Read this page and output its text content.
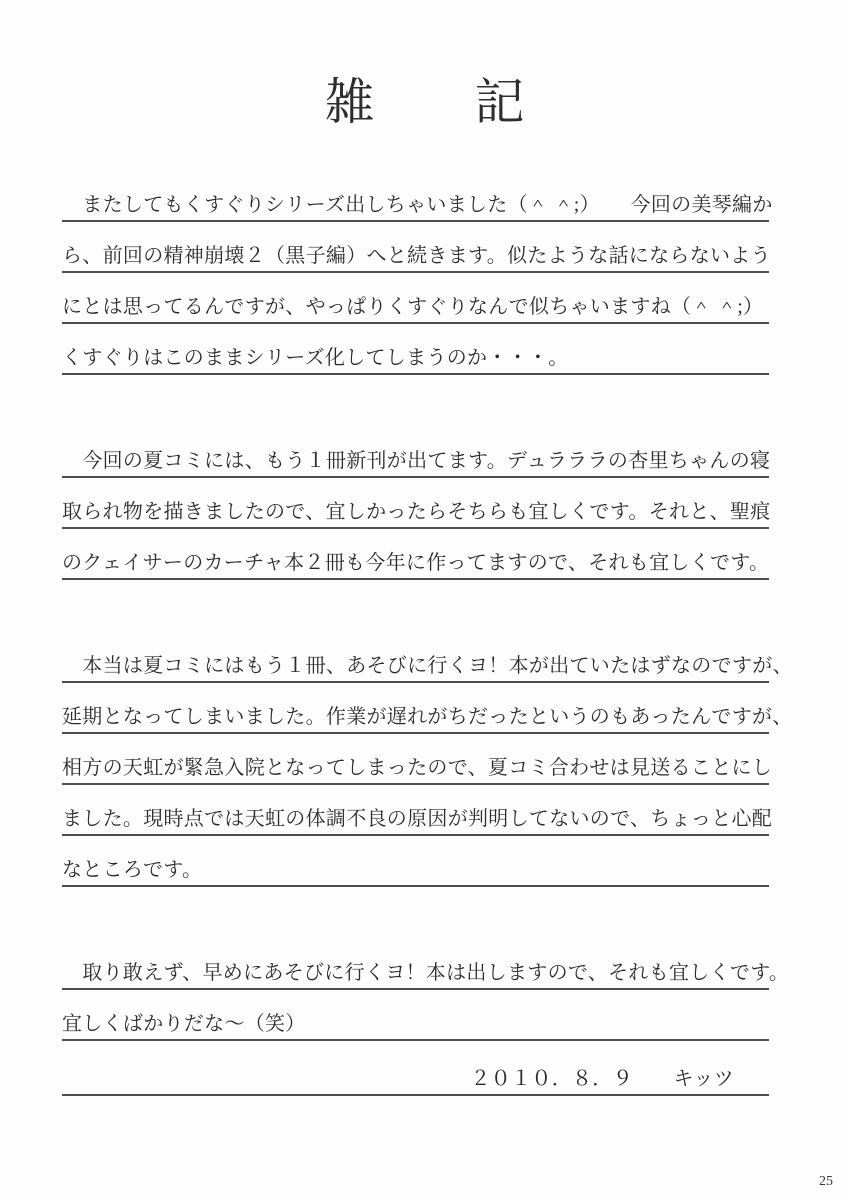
雑　　記
　またしてもくすぐりシリーズ出しちゃいました（＾ ＾;）　　今回の美琴編か
ら、前回の精神崩壊２（黒子編）へと続きます。似たような話にならないよう
にとは思ってるんですが、やっぱりくすぐりなんで似ちゃいますね（＾ ＾;）
くすぐりはこのままシリーズ化してしまうのか・・・。
　今回の夏コミには、もう１冊新刊が出てます。デュラララの杏里ちゃんの寝
取られ物を描きましたので、宜しかったらそちらも宜しくです。それと、聖痕
のクェイサーのカーチャ本２冊も今年に作ってますので、それも宜しくです。
　本当は夏コミにはもう１冊、あそびに行くヨ！本が出ていたはずなのですが、
延期となってしまいました。作業が遅れがちだったというのもあったんですが、
相方の天虹が緊急入院となってしまったので、夏コミ合わせは見送ることにし
ました。現時点では天虹の体調不良の原因が判明してないので、ちょっと心配
なところです。
　取り敢えず、早めにあそびに行くヨ！本は出しますので、それも宜しくです。
宜しくばかりだな～（笑）
２０１０．８．９　　キッツ
25
